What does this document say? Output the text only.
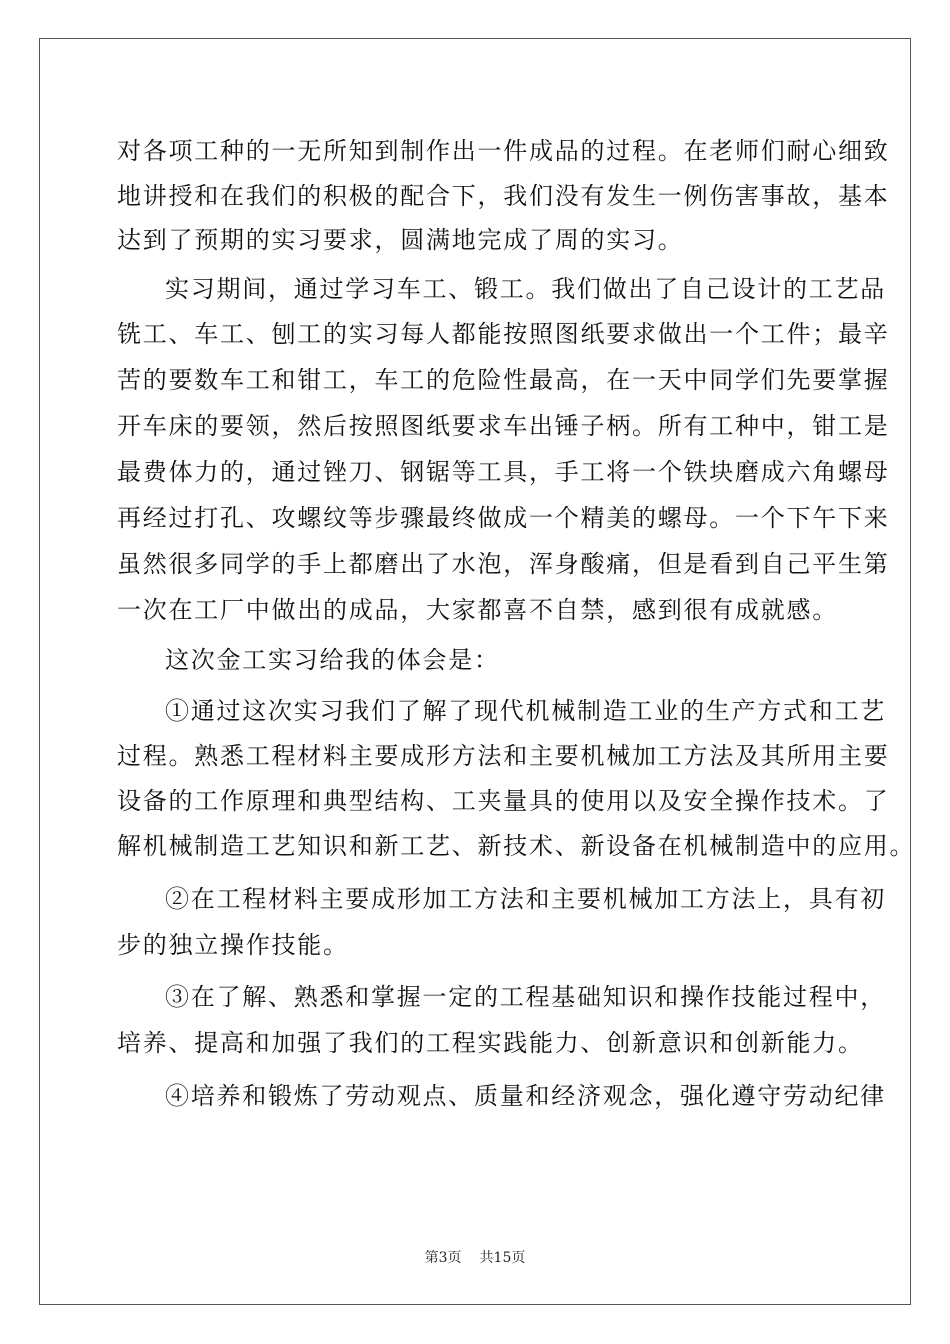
对各项工种的一无所知到制作出一件成品的过程。在老师们耐心细致
地讲授和在我们的积极的配合下，我们没有发生一例伤害事故，基本
达到了预期的实习要求，圆满地完成了周的实习。
实习期间，通过学习车工、锻工。我们做出了自己设计的工艺品
铣工、车工、刨工的实习每人都能按照图纸要求做出一个工件；最辛
苦的要数车工和钳工，车工的危险性最高，在一天中同学们先要掌握
开车床的要领，然后按照图纸要求车出锤子柄。所有工种中，钳工是
最费体力的，通过锉刀、钢锯等工具，手工将一个铁块磨成六角螺母
再经过打孔、攻螺纹等步骤最终做成一个精美的螺母。一个下午下来
虽然很多同学的手上都磨出了水泡，浑身酸痛，但是看到自己平生第
一次在工厂中做出的成品，大家都喜不自禁，感到很有成就感。
这次金工实习给我的体会是：
①通过这次实习我们了解了现代机械制造工业的生产方式和工艺
过程。熟悉工程材料主要成形方法和主要机械加工方法及其所用主要
设备的工作原理和典型结构、工夹量具的使用以及安全操作技术。了
解机械制造工艺知识和新工艺、新技术、新设备在机械制造中的应用。
②在工程材料主要成形加工方法和主要机械加工方法上，具有初
步的独立操作技能。
③在了解、熟悉和掌握一定的工程基础知识和操作技能过程中，
培养、提高和加强了我们的工程实践能力、创新意识和创新能力。
④培养和锻炼了劳动观点、质量和经济观念，强化遵守劳动纪律
第3页 共15页
